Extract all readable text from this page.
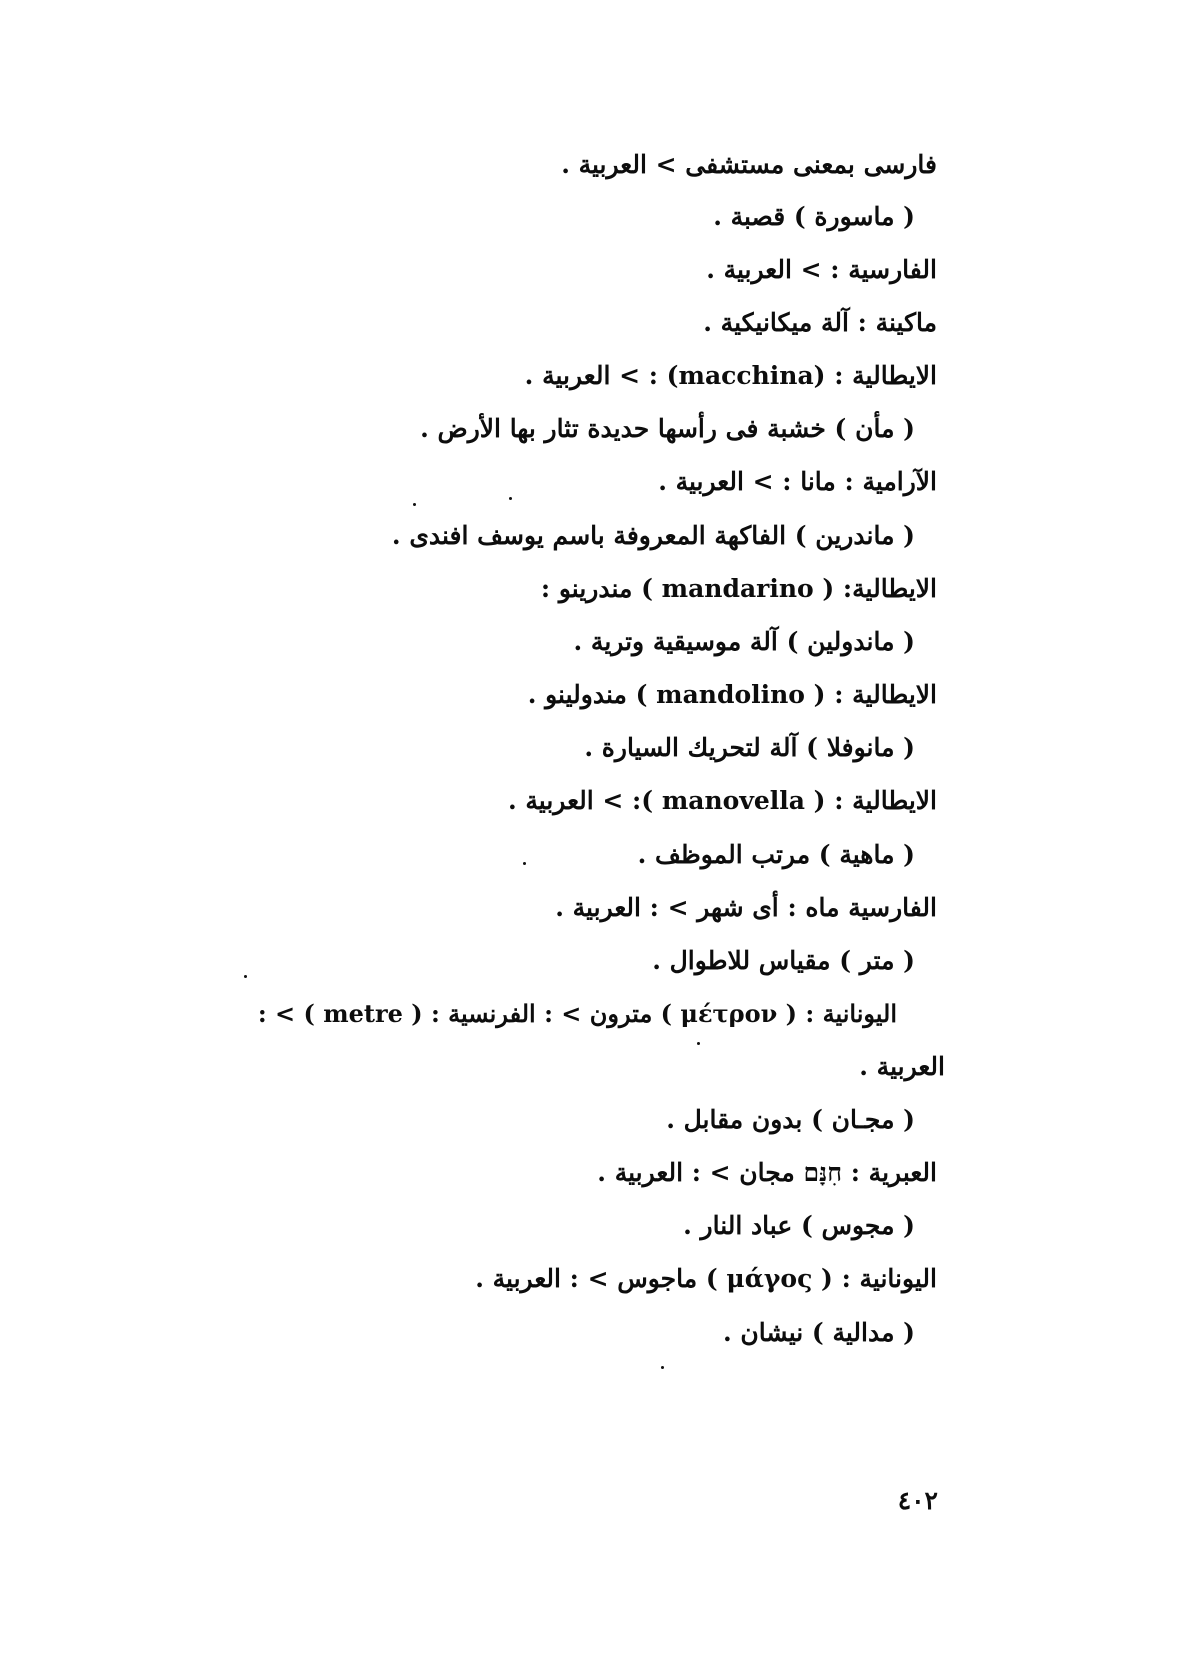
فارسى بمعنى مستشفى > العربية .
( ماسورة ) قصبة .
الفارسية : > العربية .
ماكينة : آلة ميكانيكية .
الايطالية : (macchina) : > العربية .
( مأن ) خشبة فى رأسها حديدة تثار بها الأرض .
الآرامية : مانا : > العربية .
( ماندرين ) الفاكهة المعروفة باسم يوسف افندى .
الايطالية: ( mandarino ) مندرينو :
( ماندولين ) آلة موسيقية وترية .
الايطالية : ( mandolino ) مندولينو .
( مانوفلا ) آلة لتحريك السيارة .
الايطالية : ( manovella ): > العربية .
( ماهية ) مرتب الموظف .
الفارسية ماه : أى شهر > : العربية .
( متر ) مقياس للاطوال .
اليونانية : ( μέτρον ) مترون > : الفرنسية : ( metre ) > :
العربية .
( مجـان ) بدون مقابل .
العبرية : חִנָּם مجان > : العربية .
( مجوس ) عباد النار .
اليونانية : ( μάγος ) ماجوس > : العربية .
( مدالية ) نيشان .
٤٠٢
